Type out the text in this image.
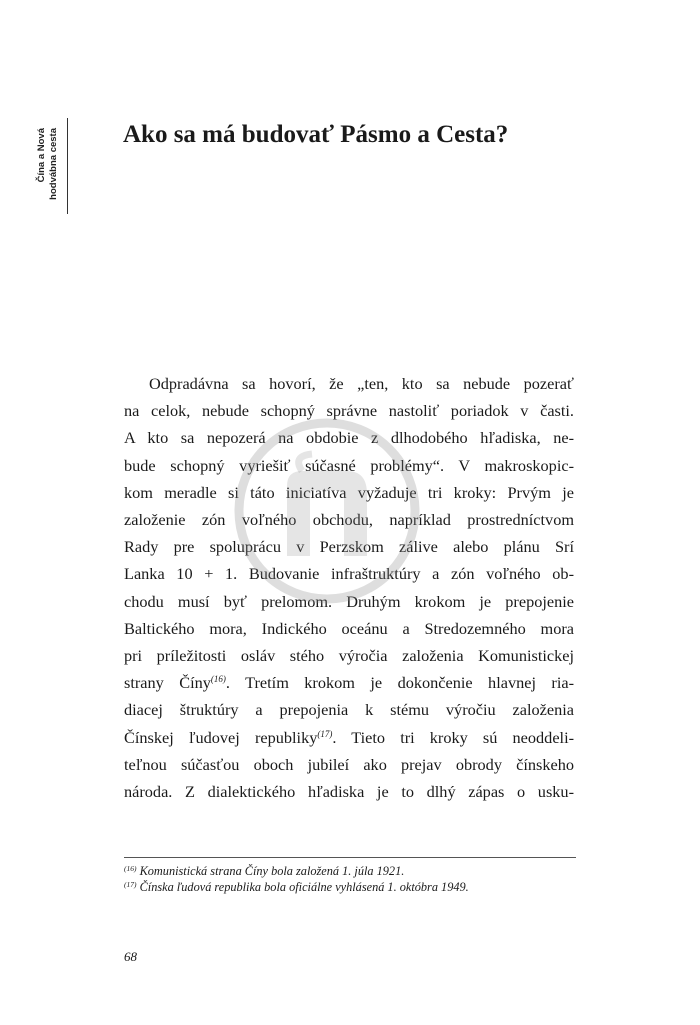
Čína a Nová hodvábna cesta	Ako sa má budovať Pásmo a Cesta?
Odpradávna sa hovorí, že „ten, kto sa nebude pozerať
na celok, nebude schopný správne nastoliť poriadok v časti.
A kto sa nepozerá na obdobie z dlhodobého hľadiska, ne-
bude schopný vyriešiť súčasné problémy“. V makroskopic-
kom meradle si táto iniciatíva vyžaduje tri kroky: Prvým je
založenie zón voľného obchodu, napríklad prostredníctvom
Rady pre spoluprácu v Perzskom zálive alebo plánu Srí
Lanka 10 + 1. Budovanie infraštruktúry a zón voľného ob-
chodu musí byť prelomom. Druhým krokom je prepojenie
Baltického mora, Indického oceánu a Stredozemného mora
pri príležitosti osláv stého výročia založenia Komunistickej
strany Číny$^{(16)}$. Tretím krokom je dokončenie hlavnej ria-
diacej štruktúry a prepojenia k stému výročiu založenia
Čínskej ľudovej republiky$^{(17)}$. Tieto tri kroky sú neoddeli-
teľnou súčasťou oboch jubileí ako prejav obrody čínskeho
národa. Z dialektického hľadiska je to dlhý zápas o usku-
$^{(16)}$ Komunistická strana Číny bola založená 1. júla 1921.
$^{(17)}$ Čínska ľudová republika bola oficiálne vyhlásená 1. októbra 1949.
68
